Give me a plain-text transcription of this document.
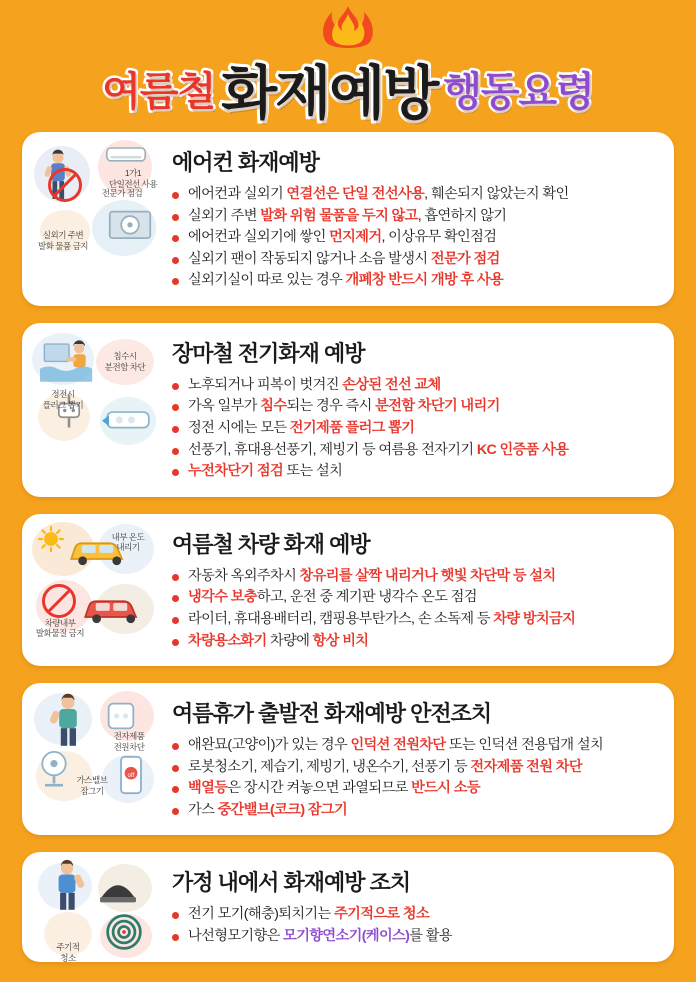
여름철 화재예방 행동요령
1가1
단일전선 사용
전문가 점검
실외기 주변
발화 물품 금지
에어컨 화재예방
에어컨과 실외기 연결선은 단일 전선사용, 훼손되지 않았는지 확인
실외기 주변 발화 위험 물품을 두지 않고, 흡연하지 않기
에어컨과 실외기에 쌓인 먼지제거, 이상유무 확인점검
실외기 팬이 작동되지 않거나 소음 발생시 전문가 점검
실외기실이 따로 있는 경우 개폐창 반드시 개방 후 사용
침수시
분전함 차단
정전시
플러그 뽑기
장마철 전기화재 예방
노후되거나 피복이 벗겨진 손상된 전선 교체
가옥 일부가 침수되는 경우 즉시 분전함 차단기 내리기
정전 시에는 모든 전기제품 플러그 뽑기
선풍기, 휴대용선풍기, 제빙기 등 여름용 전자기기 KC 인증품 사용
누전차단기 점검 또는 설치
내부 온도
내리기
차량내부
발화물질 금지
여름철 차량 화재 예방
자동차 옥외주차시 창유리를 살짝 내리거나 햇빛 차단막 등 설치
냉각수 보충하고, 운전 중 계기판 냉각수 온도 점검
라이터, 휴대용배터리, 캠핑용부탄가스, 손 소독제 등 차량 방치금지
차량용소화기 차량에 항상 비치
off
전자제품
전원차단
가스밸브
잠그기
여름휴가 출발전 화재예방 안전조치
애완묘(고양이)가 있는 경우 인덕션 전원차단 또는 인덕션 전용덥개 설치
로봇청소기, 제습기, 제빙기, 냉온수기, 선풍기 등 전자제품 전원 차단
백열등은 장시간 켜놓으면 과열되므로 반드시 소등
가스 중간밸브(코크) 잠그기
주기적
청소
가정 내에서 화재예방 조치
전기 모기(해충)퇴치기는 주기적으로 청소
나선형모기향은 모기향연소기(케이스)를 활용
